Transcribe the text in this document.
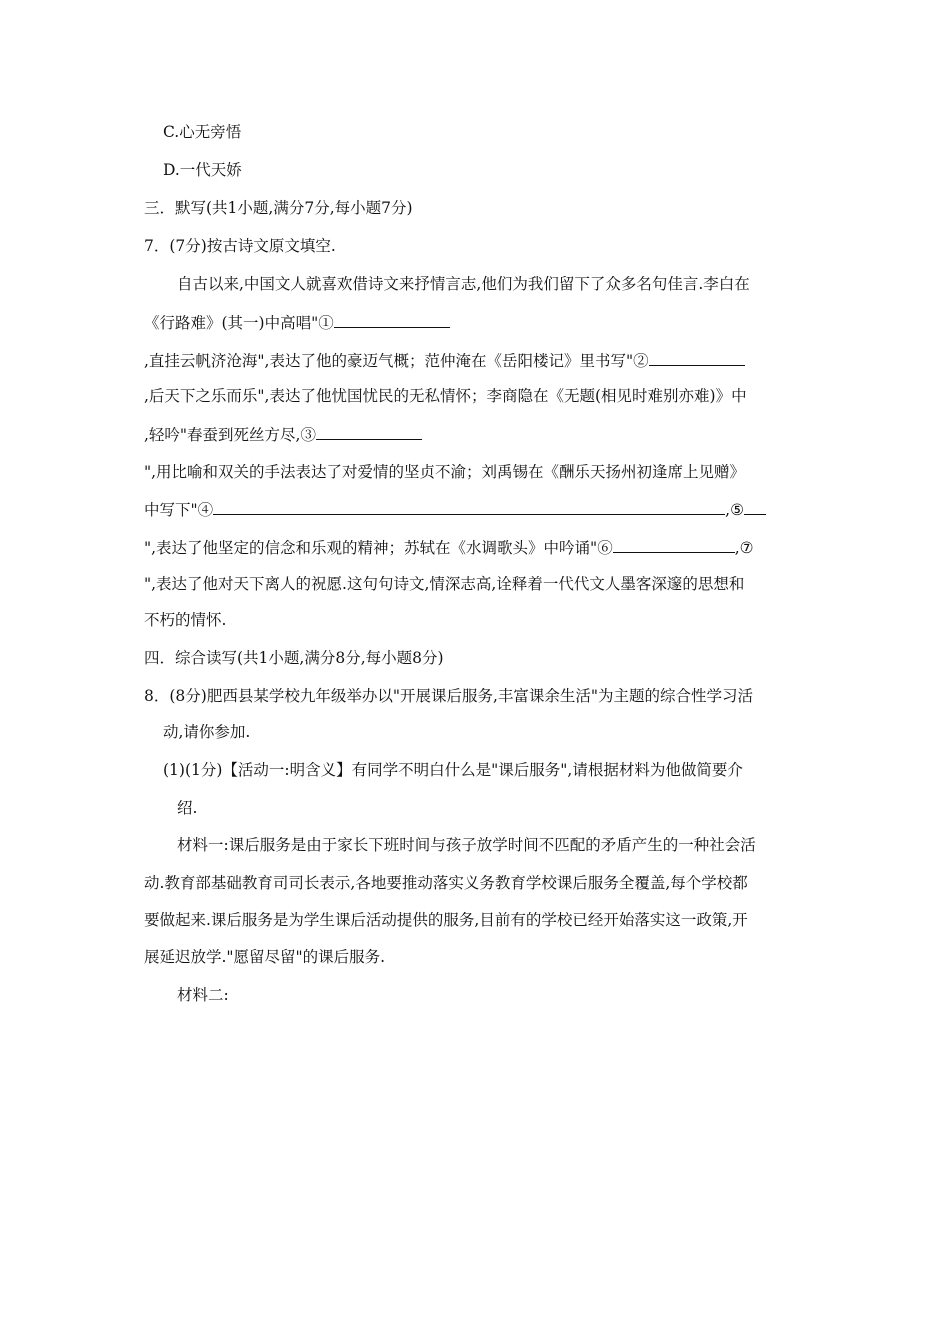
C.心无旁悟
D.一代天娇
三．默写(共1小题,满分7分,每小题7分)
7．(7分)按古诗文原文填空.
自古以来,中国文人就喜欢借诗文来抒情言志,他们为我们留下了众多名句佳言.李白在
《行路难》(其一)中高唱"①
,直挂云帆济沧海",表达了他的豪迈气概；范仲淹在《岳阳楼记》里书写"②
,后天下之乐而乐",表达了他忧国忧民的无私情怀；李商隐在《无题(相见时难别亦难)》中
,轻吟"春蚕到死丝方尽,③
",用比喻和双关的手法表达了对爱情的坚贞不渝；刘禹锡在《酬乐天扬州初逢席上见赠》
中写下"④	,⑤
",表达了他坚定的信念和乐观的精神；苏轼在《水调歌头》中吟诵"⑥	,⑦
",表达了他对天下离人的祝愿.这句句诗文,情深志高,诠释着一代代文人墨客深邃的思想和
不朽的情怀.
四．综合读写(共1小题,满分8分,每小题8分)
8．(8分)肥西县某学校九年级举办以"开展课后服务,丰富课余生活"为主题的综合性学习活
动,请你参加.
(1)(1分)【活动一:明含义】有同学不明白什么是"课后服务",请根据材料为他做简要介
绍.
材料一:课后服务是由于家长下班时间与孩子放学时间不匹配的矛盾产生的一种社会活
动.教育部基础教育司司长表示,各地要推动落实义务教育学校课后服务全覆盖,每个学校都
要做起来.课后服务是为学生课后活动提供的服务,目前有的学校已经开始落实这一政策,开
展延迟放学."愿留尽留"的课后服务.
材料二:
